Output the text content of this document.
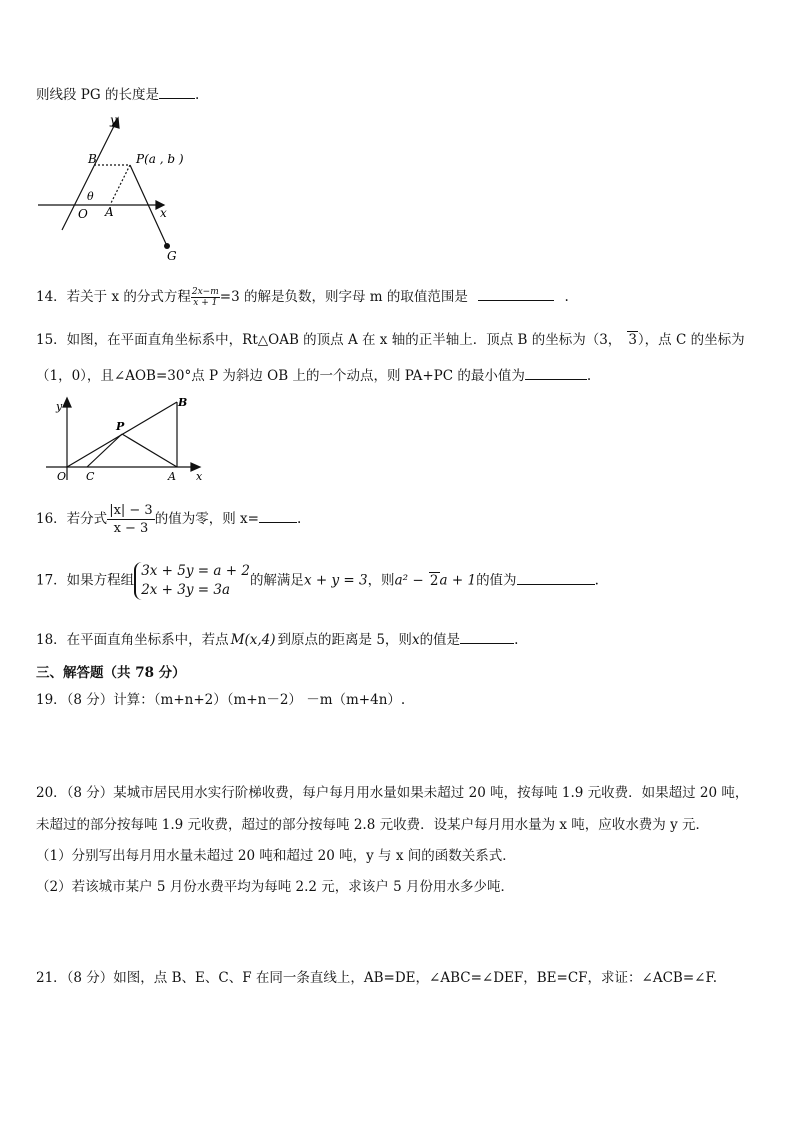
则线段 PG 的长度是	.
y
x
B	P(a , b )
θ
O A
G
14．若关于 x 的分式方程 $\frac{2x-m}{x + 1} =3$ 的解是负数，则字母 m 的取值范围是	.
15．如图，在平面直角坐标系中，Rt△OAB 的顶点 A 在 x 轴的正半轴上．顶点 B 的坐标为（3， 3），点 C 的坐标为
（1，0），且∠AOB=30°点 P 为斜边 OB 上的一个动点，则 PA+PC 的最小值为	.
y	B
P
O C	A x
16．若分式 $\frac{|x| - 3}{x - 3}$ 的值为零，则 x=	.
17．如果方程组
3x + 5y = a + 2
2x + 3y = 3a
的解满足x + y = 3，则a² − 2a + 1的值为	.
18．在平面直角坐标系中，若点 M(x,4) 到原点的距离是 5，则x的值是	.
三、解答题（共 78 分）
19．（8 分）计算：（m+n+2）（m+n－2） －m（m+4n）.
20．（8 分）某城市居民用水实行阶梯收费，每户每月用水量如果未超过 20 吨，按每吨 1.9 元收费．如果超过 20 吨，
未超过的部分按每吨 1.9 元收费，超过的部分按每吨 2.8 元收费．设某户每月用水量为 x 吨，应收水费为 y 元．
（1）分别写出每月用水量未超过 20 吨和超过 20 吨，y 与 x 间的函数关系式．
（2）若该城市某户 5 月份水费平均为每吨 2.2 元，求该户 5 月份用水多少吨．
21．（8 分）如图，点 B、E、C、F 在同一条直线上，AB=DE，∠ABC=∠DEF，BE=CF，求证：∠ACB=∠F.
